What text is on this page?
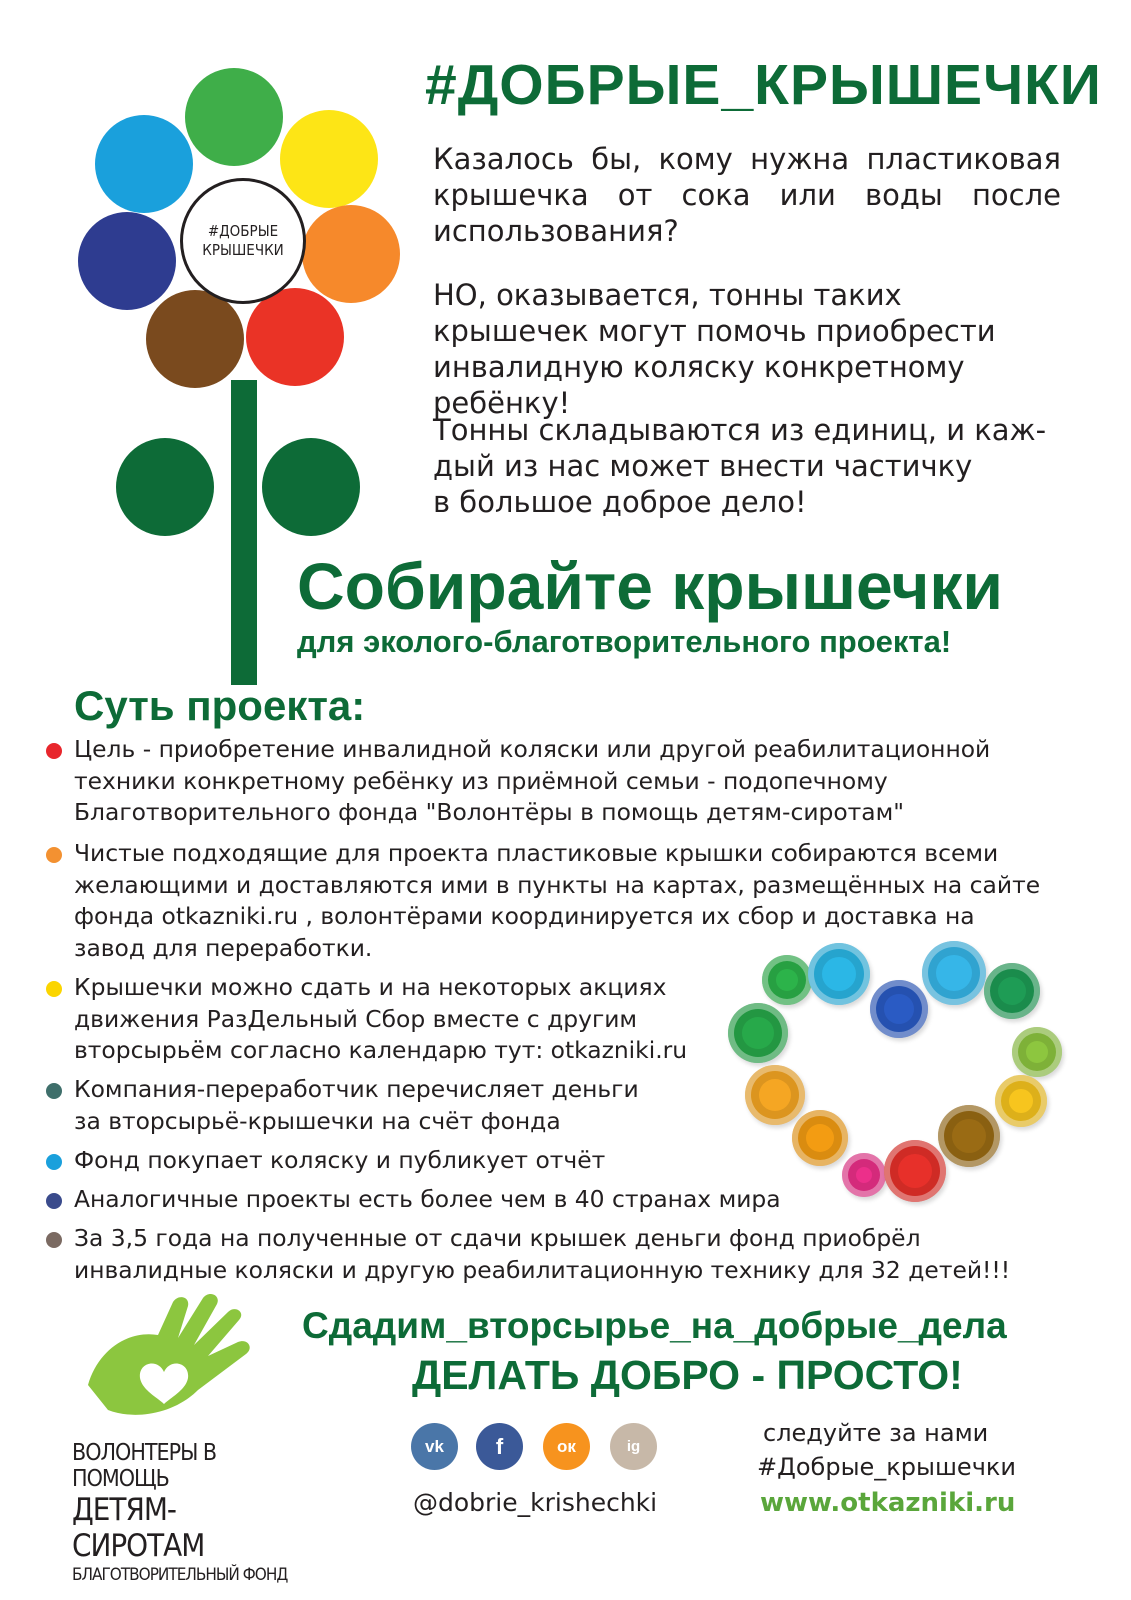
#ДОБРЫЕ
КРЫШЕЧКИ
#ДОБРЫЕ_КРЫШЕЧКИ
Казалось бы, кому нужна пластиковая крышечка от сока или воды после использования?
НО, оказывается, тонны таких крышечек могут помочь приобрести инвалидную коляску конкретному ребёнку!
Тонны складываются из единиц, и каж-
дый из нас может внести частичку
в большое доброе дело!
Собирайте крышечки
для эколого-благотворительного проекта!
Суть проекта:
Цель - приобретение инвалидной коляски или другой реабилитационной
техники конкретному ребёнку из приёмной семьи - подопечному
Благотворительного фонда "Волонтёры в помощь детям-сиротам"
Чистые подходящие для проекта пластиковые крышки собираются всеми
желающими и доставляются ими в пункты на картах, размещённых на сайте
фонда otkazniki.ru , волонтёрами координируется их сбор и доставка на
завод для переработки.
Крышечки можно сдать и на некоторых акциях
движения РазДельный Сбор вместе с другим
вторсырьём согласно календарю тут: otkazniki.ru
Компания-переработчик перечисляет деньги
за вторсырьё-крышечки на счёт фонда
Фонд покупает коляску и публикует отчёт
Аналогичные проекты есть более чем в 40 странах мира
За 3,5 года на полученные от сдачи крышек деньги фонд приобрёл
инвалидные коляски и другую реабилитационную технику для 32 детей!!!
Сдадим_вторсырье_на_добрые_дела
ДЕЛАТЬ ДОБРО - ПРОСТО!
ВОЛОНТЕРЫ В ПОМОЩЬ
ДЕТЯМ-СИРОТАМ
БЛАГОТВОРИТЕЛЬНЫЙ ФОНД
vk f	ок	ig
@dobrie_krishechki
следуйте за нами
#Добрые_крышечки
www.otkazniki.ru
